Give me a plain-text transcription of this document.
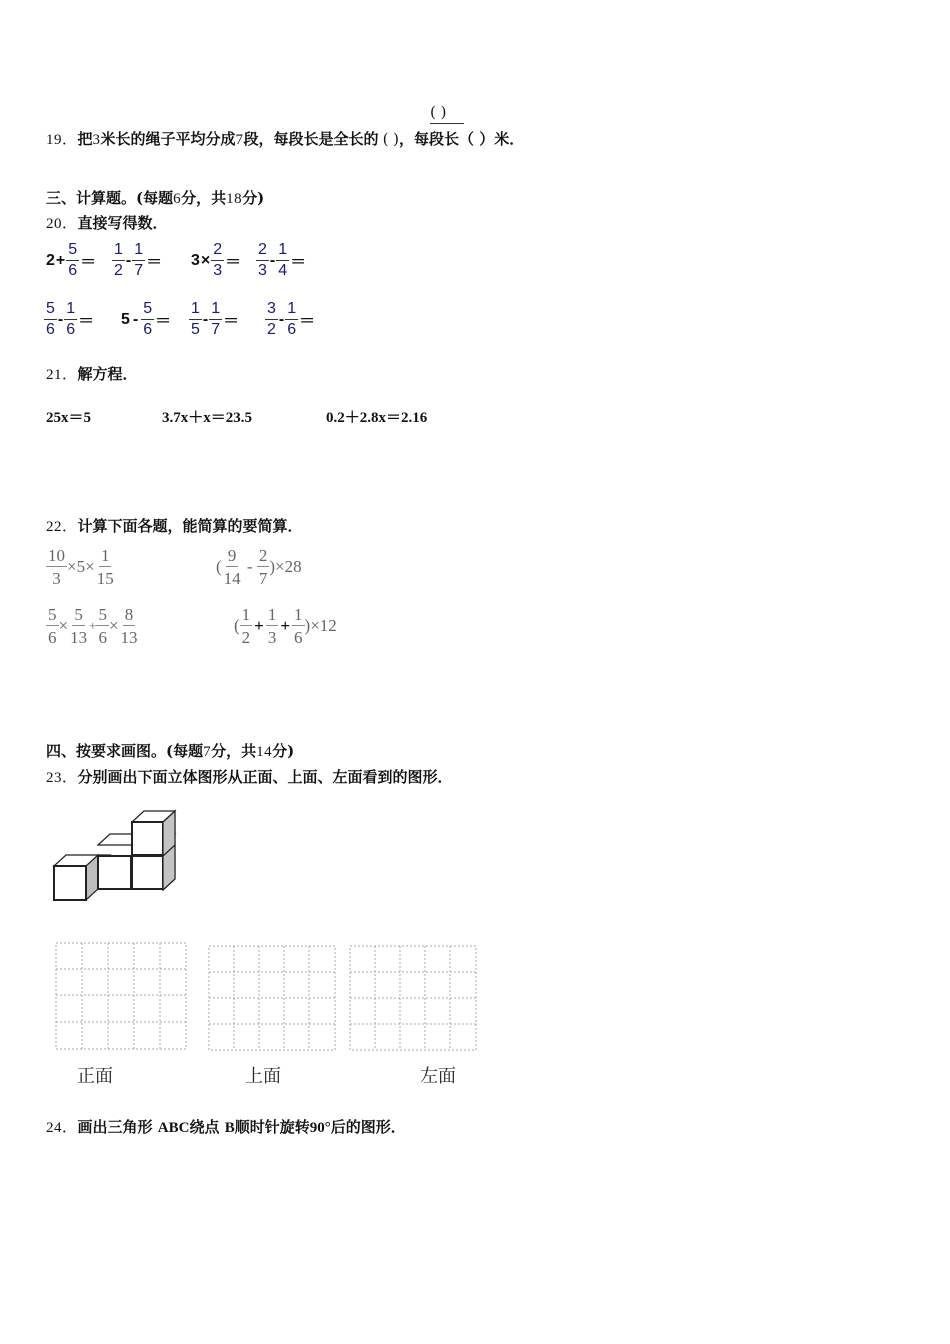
( )
19．把3米长的绳子平均分成7段，每段长是全长的 ( )，每段长（ ）米．
三、计算题。(每题6分，共18分)
20．直接写得数．
$2 + \frac{5}{6} = \frac{1}{2} - \frac{1}{7} = 3 \times \frac{2}{3} = \frac{2}{3} - \frac{1}{4}$ ＝
$\frac{5}{6} - \frac{1}{6} = 5 - \frac{5}{6} = \frac{1}{5} - \frac{1}{7} = \frac{3}{2} - \frac{1}{6}$ ＝
21．解方程．
25x＝5	3.7x＋x＝23.5	0.2＋2.8x＝2.16
22．计算下面各题，能简算的要简算．
$\frac{10}{3} \times 5\times \frac{1}{15}$	( $\frac{9}{14} - \frac{2}{7} )\times 28$
$\frac{5}{6} \times \frac{5}{13} + \frac{5}{6} \times \frac{8}{13}$	( $\frac{1}{2} + \frac{1}{3} + \frac{1}{6} )\times 12$
四、按要求画图。(每题7分，共14分)
23．分别画出下面立体图形从正面、上面、左面看到的图形．
正面	上面	左面
24．画出三角形 ABC绕点 B顺时针旋转90°后的图形．
